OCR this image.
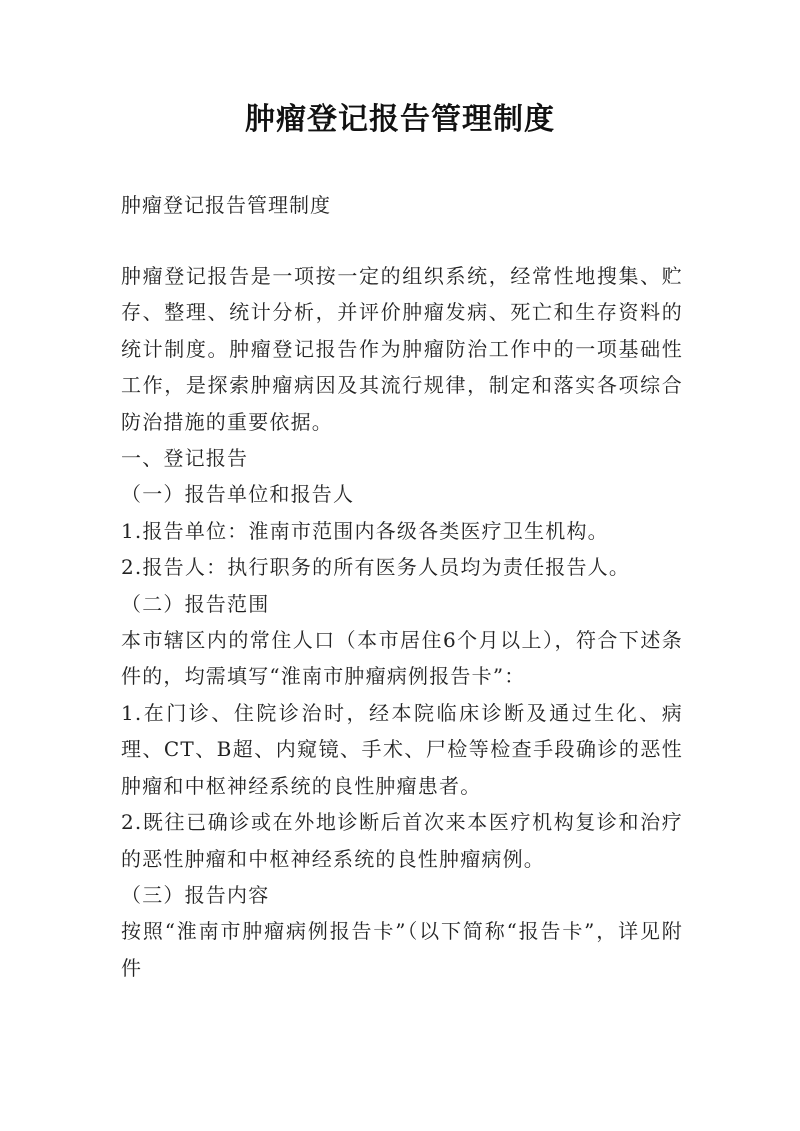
肿瘤登记报告管理制度
肿瘤登记报告管理制度

肿瘤登记报告是一项按一定的组织系统，经常性地搜集、贮存、整理、统计分析，并评价肿瘤发病、死亡和生存资料的统计制度。肿瘤登记报告作为肿瘤防治工作中的一项基础性工作，是探索肿瘤病因及其流行规律，制定和落实各项综合防治措施的重要依据。

一、登记报告

（一）报告单位和报告人

1.报告单位：淮南市范围内各级各类医疗卫生机构。

2.报告人：执行职务的所有医务人员均为责任报告人。

（二）报告范围

本市辖区内的常住人口（本市居住6个月以上），符合下述条件的，均需填写“淮南市肿瘤病例报告卡”：

1.在门诊、住院诊治时，经本院临床诊断及通过生化、病理、CT、B超、内窥镜、手术、尸检等检查手段确诊的恶性肿瘤和中枢神经系统的良性肿瘤患者。

2.既往已确诊或在外地诊断后首次来本医疗机构复诊和治疗的恶性肿瘤和中枢神经系统的良性肿瘤病例。

（三）报告内容

按照“淮南市肿瘤病例报告卡”（以下简称“报告卡”，详见附件
